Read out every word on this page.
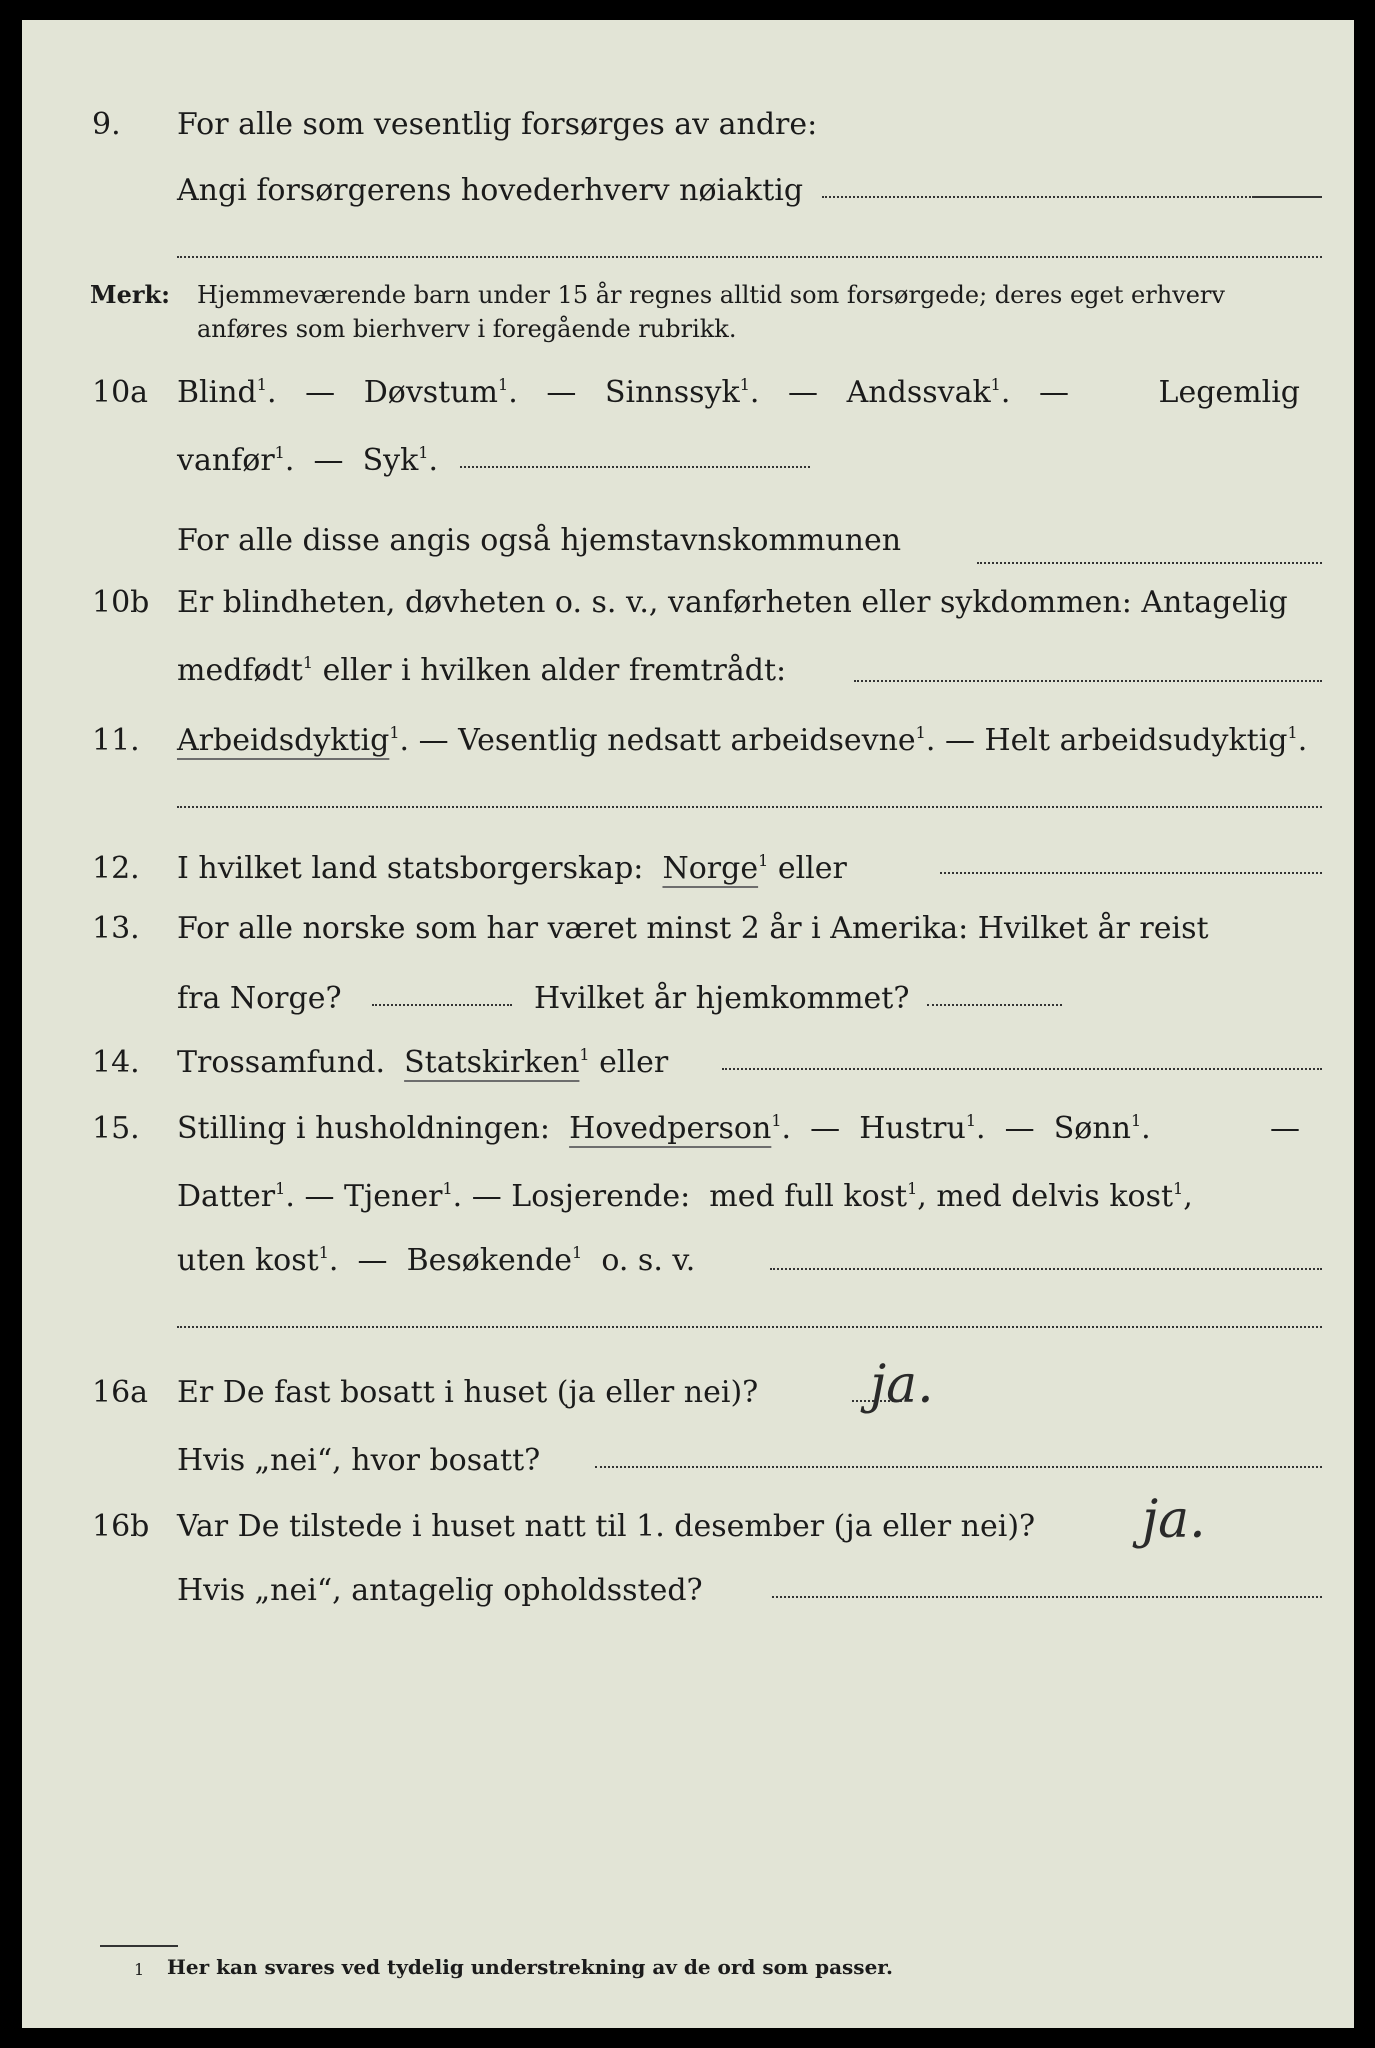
9. For alle som vesentlig forsørges av andre:
Angi forsørgerens hovederhverv nøiaktig
Merk: Hjemmeværende barn under 15 år regnes alltid som forsørgede; deres eget erhverv
anføres som bierhverv i foregående rubrikk.
10a Blind$^1$. — Døvstum$^1$. — Sinnssyk$^1$. — Andssvak$^1$. —	Legemlig
vanfør$^1$. — Syk$^1$.
For alle disse angis også hjemstavnskommunen
10b Er blindheten, døvheten o. s. v., vanførheten eller sykdommen: Antagelig
medfødt$^1$ eller i hvilken alder fremtrådt:
11. Arbeidsdyktig$^1$. — Vesentlig nedsatt arbeidsevne$^1$. — Helt arbeidsudyktig$^1$.
12. I hvilket land statsborgerskap: Norge$^1$ eller
13. For alle norske som har været minst 2 år i Amerika: Hvilket år reist
fra Norge?	Hvilket år hjemkommet?
14. Trossamfund. Statskirken$^1$ eller
15. Stilling i husholdningen: Hovedperson$^1$. — Hustru$^1$. — Sønn$^1$.	—
Datter$^1$. — Tjener$^1$. — Losjerende: med full kost$^1$, med delvis kost$^1$,
uten kost$^1$. — Besøkende$^1$ o. s. v.
16a Er De fast bosatt i huset (ja eller nei)? ja.
Hvis „nei“, hvor bosatt?
16b Var De tilstede i huset natt til 1. desember (ja eller nei)? ja.
Hvis „nei“, antagelig opholdssted?
1 Her kan svares ved tydelig understrekning av de ord som passer.
